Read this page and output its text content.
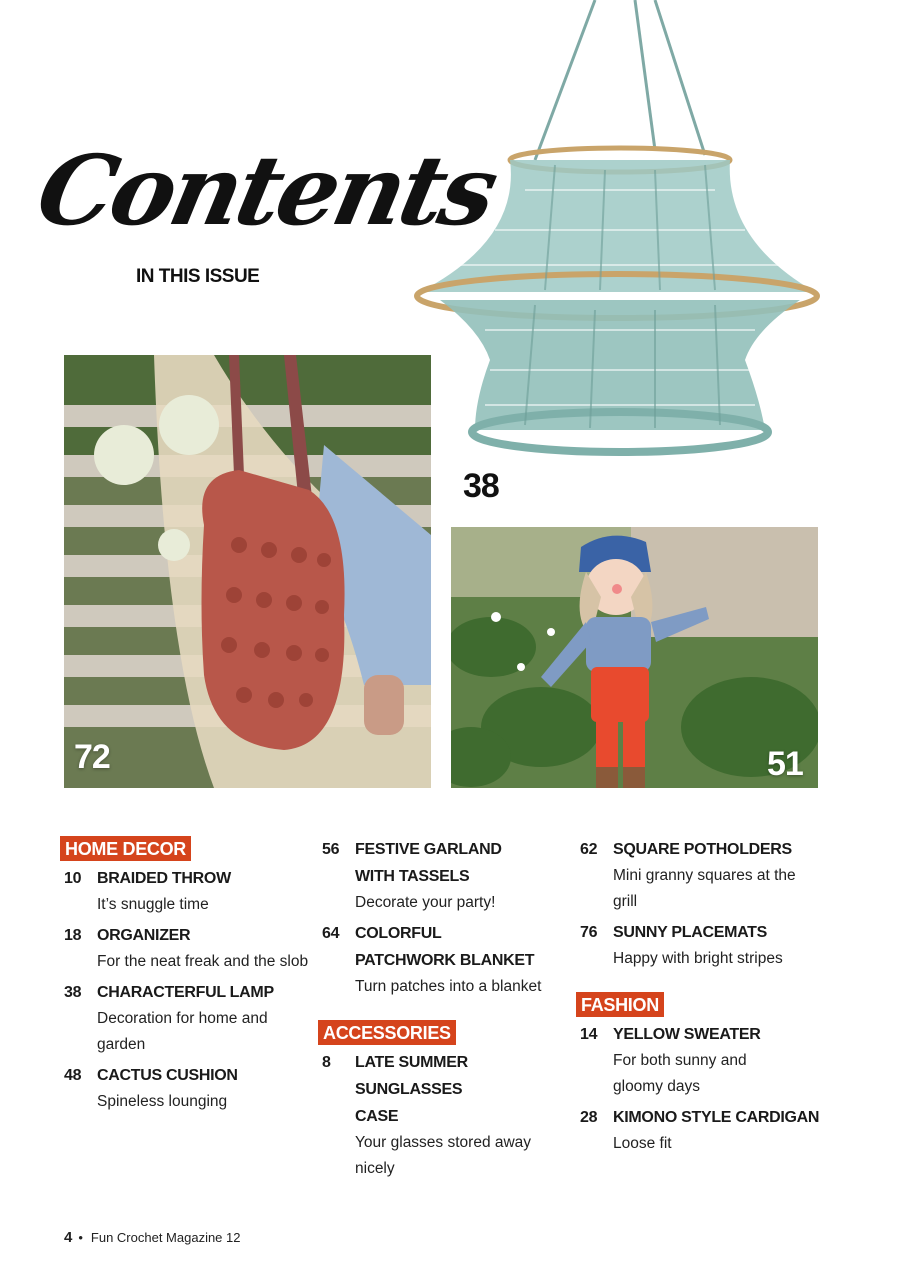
Contents
IN THIS ISSUE
38
72	51
HOME DECOR
10 BRAIDED THROW
It’s snuggle time
18 ORGANIZER
For the neat freak and the slob
38 CHARACTERFUL LAMP
Decoration for home and garden
48 CACTUS CUSHION
Spineless lounging
56 FESTIVE GARLAND WITH TASSELS
Decorate your party!
64 COLORFUL PATCHWORK BLANKET
Turn patches into a blanket
ACCESSORIES
8 LATE SUMMER SUNGLASSES CASE
Your glasses stored away nicely
62 SQUARE POTHOLDERS
Mini granny squares at the grill
76 SUNNY PLACEMATS
Happy with bright stripes
FASHION
14 YELLOW SWEATER
For both sunny and gloomy days
28 KIMONO STYLE CARDIGAN
Loose fit
4 • Fun Crochet Magazine 12
